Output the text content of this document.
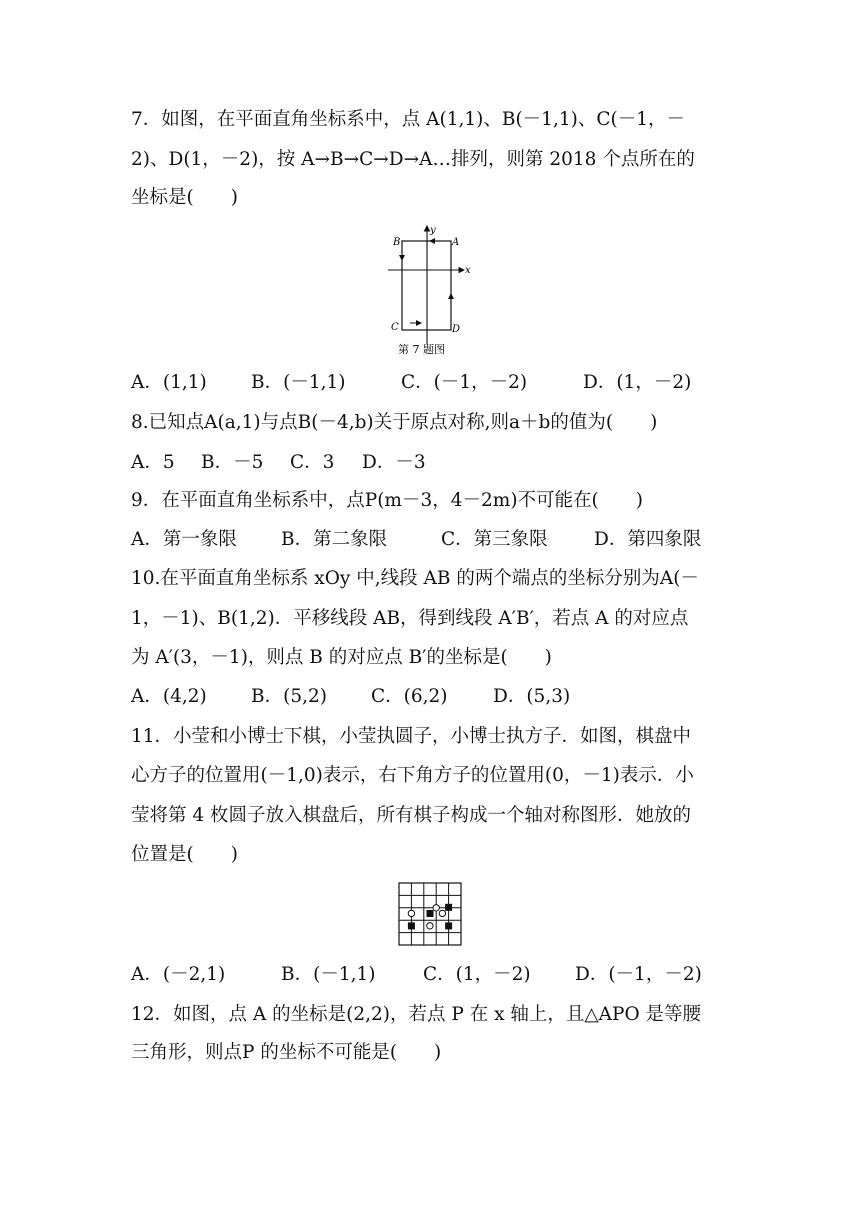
7．如图，在平面直角坐标系中，点 A(1,1)、B(－1,1)、C(－1，－
2)、D(1，－2)，按 A→B→C→D→A…排列，则第 2018 个点所在的
坐标是(　　)
B	A
y
x
C	D
第 7 题图
A．(1,1) B．(－1,1)	C．(－1，－2)	D．(1，－2)
8.已知点A(a,1)与点B(－4,b)关于原点对称,则a＋b的值为(　　)
A．5 B．－5 C．3 D．－3
9．在平面直角坐标系中，点P(m－3，4－2m)不可能在(　　)
A．第一象限 B．第二象限	C．第三象限	D．第四象限
10.在平面直角坐标系 xOy 中,线段 AB 的两个端点的坐标分别为A(－
1，－1)、B(1,2)．平移线段 AB，得到线段 A′B′，若点 A 的对应点
为 A′(3，－1)，则点 B 的对应点 B′的坐标是(　　)
A．(4,2) B．(5,2) C．(6,2) D．(5,3)
11．小莹和小博士下棋，小莹执圆子，小博士执方子．如图，棋盘中
心方子的位置用(－1,0)表示，右下角方子的位置用(0，－1)表示．小
莹将第 4 枚圆子放入棋盘后，所有棋子构成一个轴对称图形．她放的
位置是(　　)
A．(－2,1)	B．(－1,1)	C．(1，－2) D．(－1，－2)
12．如图，点 A 的坐标是(2,2)，若点 P 在 x 轴上，且△APO 是等腰
三角形，则点P 的坐标不可能是(　　)
